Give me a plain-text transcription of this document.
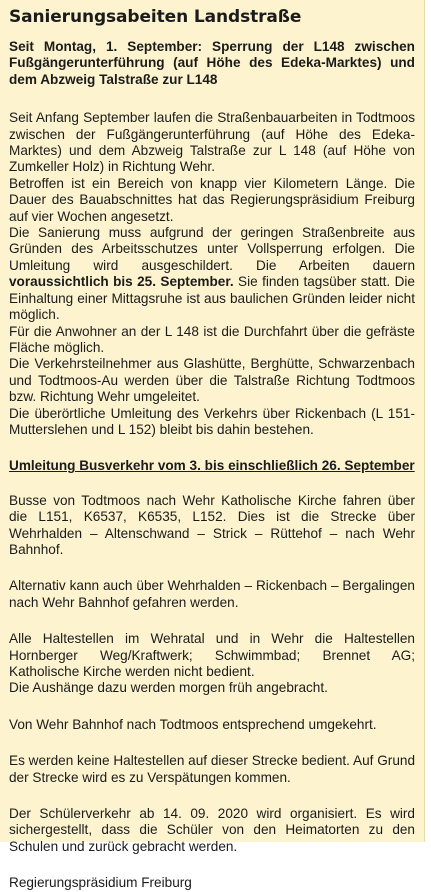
Sanierungsabeiten Landstraße

Seit Montag, 1. September: Sperrung der L148 zwischen Fußgängerunterführung (auf Höhe des Edeka-Marktes) und dem Abzweig Talstraße zur L148

Seit Anfang September laufen die Straßenbauarbeiten in Todtmoos zwischen der Fußgängerunterführung (auf Höhe des Edeka-Marktes) und dem Abzweig Talstraße zur L 148 (auf Höhe von Zumkeller Holz) in Richtung Wehr.

Betroffen ist ein Bereich von knapp vier Kilometern Länge. Die Dauer des Bauabschnittes hat das Regierungspräsidium Freiburg auf vier Wochen angesetzt.

Die Sanierung muss aufgrund der geringen Straßenbreite aus Gründen des Arbeitsschutzes unter Vollsperrung erfolgen. Die Umleitung wird ausgeschildert. Die Arbeiten dauern voraussichtlich bis 25. September. Sie finden tagsüber statt. Die Einhaltung einer Mittagsruhe ist aus baulichen Gründen leider nicht möglich.

Für die Anwohner an der L 148 ist die Durchfahrt über die gefräste Fläche möglich.

Die Verkehrsteilnehmer aus Glashütte, Berghütte, Schwarzenbach und Todtmoos-Au werden über die Talstraße Richtung Todtmoos bzw. Richtung Wehr umgeleitet.

Die überörtliche Umleitung des Verkehrs über Rickenbach (L 151-Mutterslehen und L 152) bleibt bis dahin bestehen.

Umleitung Busverkehr vom 3. bis einschließlich 26. September

Busse von Todtmoos nach Wehr Katholische Kirche fahren über die L151, K6537, K6535, L152. Dies ist die Strecke über Wehrhalden – Altenschwand – Strick – Rüttehof – nach Wehr Bahnhof.

Alternativ kann auch über Wehrhalden – Rickenbach – Bergalingen nach Wehr Bahnhof gefahren werden.

Alle Haltestellen im Wehratal und in Wehr die Haltestellen Hornberger Weg/Kraftwerk; Schwimmbad; Brennet AG; Katholische Kirche werden nicht bedient.

Die Aushänge dazu werden morgen früh angebracht.

Von Wehr Bahnhof nach Todtmoos entsprechend umgekehrt.

Es werden keine Haltestellen auf dieser Strecke bedient. Auf Grund der Strecke wird es zu Verspätungen kommen.

Der Schülerverkehr ab 14. 09. 2020 wird organisiert. Es wird sichergestellt, dass die Schüler von den Heimatorten zu den Schulen und zurück gebracht werden.

Regierungspräsidium Freiburg
